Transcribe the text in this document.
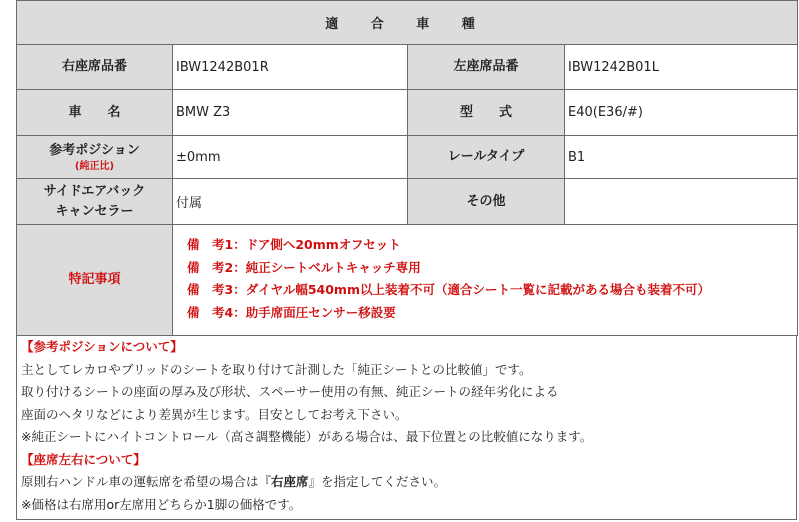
適 合 車 種			
右座席品番	IBW1242B01R	左座席品番	IBW1242B01L
車　　名	BMW Z3	型　　式	E40(E36/#)
参考ポジション
(純正比)	±0mm	レールタイプ	B1

サイドエアバック
キャンセラー	付属	その他	
特記事項	備　考1：ドア側へ20mmオフセット
備　考2：純正シートベルトキャッチ専用
備　考3：ダイヤル幅540mm以上装着不可（適合シート一覧に記載がある場合も装着不可）
備　考4：助手席面圧センサー移設要		
【参考ポジションについて】
主としてレカロやブリッドのシートを取り付けて計測した「純正シートとの比較値」です。
取り付けるシートの座面の厚み及び形状、スペーサー使用の有無、純正シートの経年劣化による
座面のヘタリなどにより差異が生じます。目安としてお考え下さい。
※純正シートにハイトコントロール（高さ調整機能）がある場合は、最下位置との比較値になります。
【座席左右について】
原則右ハンドル車の運転席を希望の場合は『右座席』を指定してください。
※価格は右席用or左席用どちらか1脚の価格です。
